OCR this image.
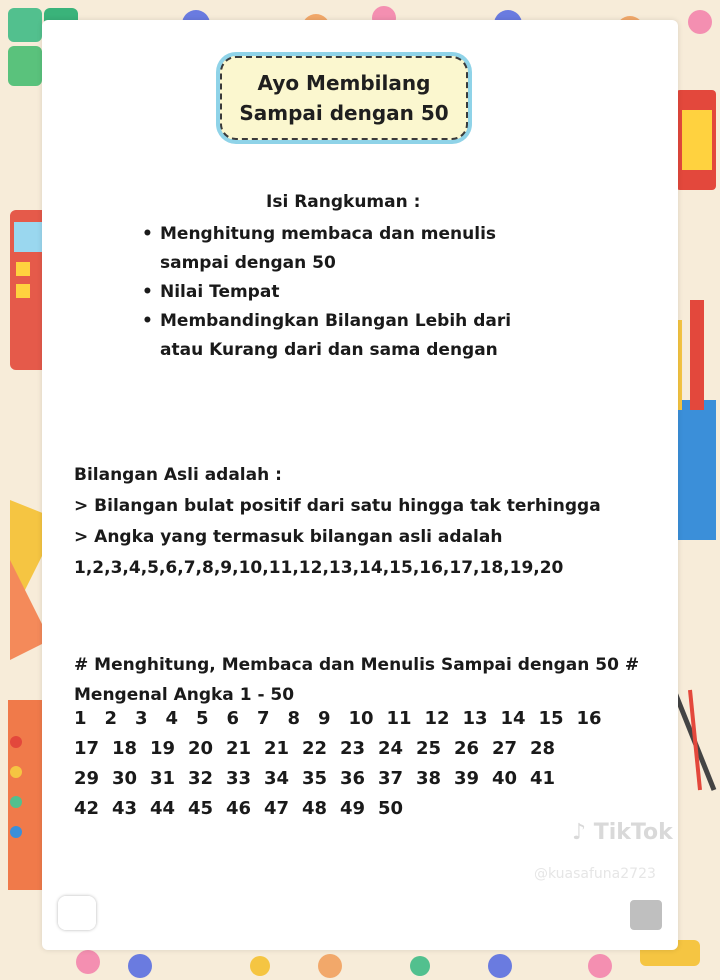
Ayo Membilang
Sampai dengan 50
Isi Rangkuman :
• Menghitung membaca dan menulis sampai dengan 50
• Nilai Tempat
• Membandingkan Bilangan Lebih dari atau Kurang dari dan sama dengan
Bilangan Asli adalah :
> Bilangan bulat positif dari satu hingga tak terhingga
> Angka yang termasuk bilangan asli adalah
1,2,3,4,5,6,7,8,9,10,11,12,13,14,15,16,17,18,19,20
# Menghitung, Membaca dan Menulis Sampai dengan 50 #
Mengenal Angka 1 - 50
1 2 3 4 5 6 7 8 9 10 11 12 13 14 15 16
17 18 19 20 21 21 22 23 24 25 26 27 28
29 30 31 32 33 34 35 36 37 38 39 40 41
42 43 44 45 46 47 48 49 50
♪ TikTok
@kuasafuna2723
